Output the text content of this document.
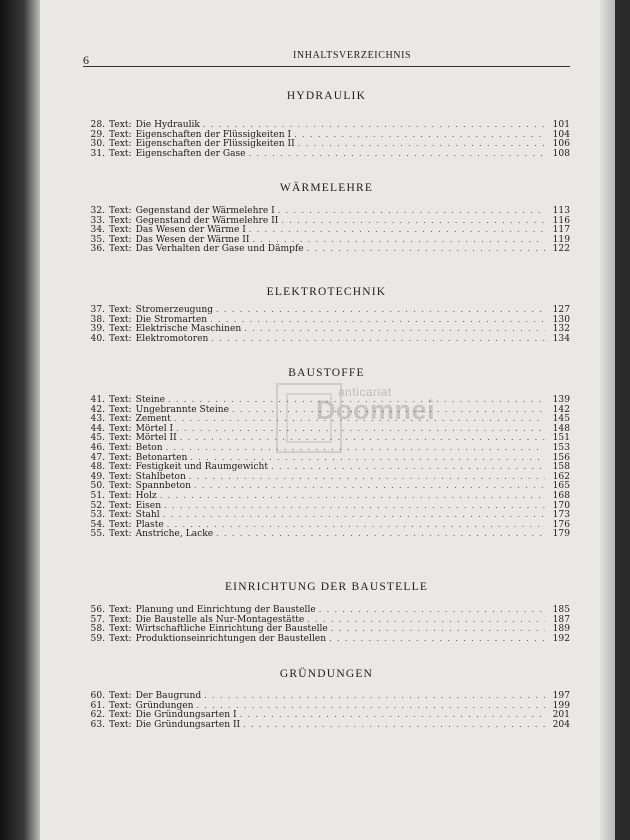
6	INHALTSVERZEICHNIS
anticariat
Doomnei
HYDRAULIK
28. Text: Die Hydraulik . . .	101
29. Text: Eigenschaften der Flüssigkeiten I . . .	104
30. Text: Eigenschaften der Flüssigkeiten II . . .	106
31. Text: Eigenschaften der Gase . . .	108
WÄRMELEHRE
32. Text: Gegenstand der Wärmelehre I . . .	113
33. Text: Gegenstand der Wärmelehre II . . .	116
34. Text: Das Wesen der Wärme I . . .	117
35. Text: Das Wesen der Wärme II . . .	119
36. Text: Das Verhalten der Gase und Dämpfe . . .	122
ELEKTROTECHNIK
37. Text: Stromerzeugung . . .	127
38. Text: Die Stromarten . . .	130
39. Text: Elektrische Maschinen . . .	132
40. Text: Elektromotoren . . .	134
BAUSTOFFE
41. Text: Steine . . .	139
42. Text: Ungebrannte Steine . . .	142
43. Text: Zement . . .	145
44. Text: Mörtel I . . .	148
45. Text: Mörtel II . . .	151
46. Text: Beton . . .	153
47. Text: Betonarten . . .	156
48. Text: Festigkeit und Raumgewicht . . .	158
49. Text: Stahlbeton . . .	162
50. Text: Spannbeton . . .	165
51. Text: Holz . . .	168
52. Text: Eisen . . .	170
53. Text: Stahl . . .	173
54. Text: Plaste . . .	176
55. Text: Anstriche, Lacke . . .	179
EINRICHTUNG DER BAUSTELLE
56. Text: Planung und Einrichtung der Baustelle . . .	185
57. Text: Die Baustelle als Nur-Montagestätte . . .	187
58. Text: Wirtschaftliche Einrichtung der Baustelle . . .	189
59. Text: Produktionseinrichtungen der Baustellen . . .	192
GRÜNDUNGEN
60. Text: Der Baugrund . . .	197
61. Text: Gründungen . . .	199
62. Text: Die Gründungsarten I . . .	201
63. Text: Die Gründungsarten II . . .	204
